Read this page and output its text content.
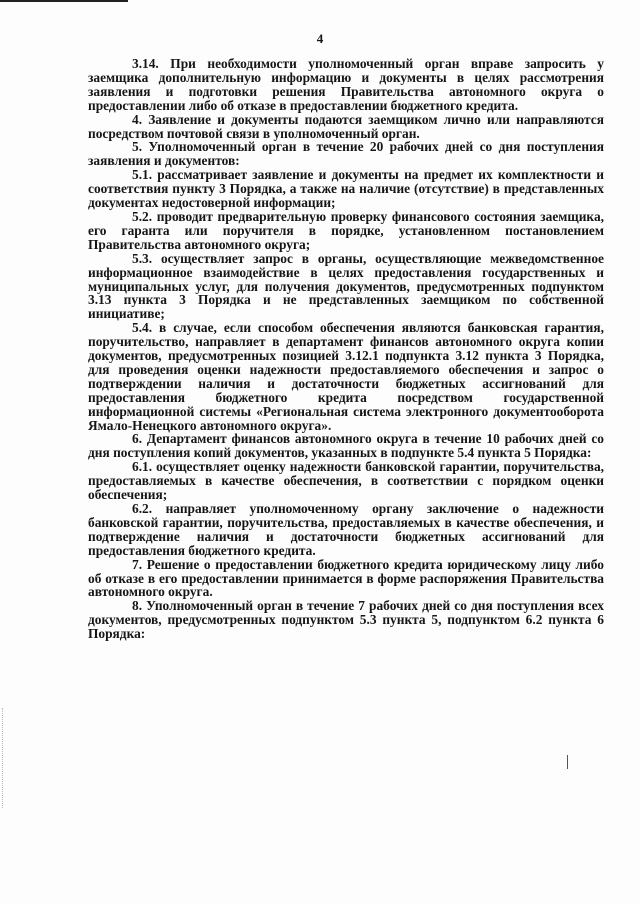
4

3.14. При необходимости уполномоченный орган вправе запросить у заемщика дополнительную информацию и документы в целях рассмотрения заявления и подготовки решения Правительства автономного округа о предоставлении либо об отказе в предоставлении бюджетного кредита.

4. Заявление и документы подаются заемщиком лично или направляются посредством почтовой связи в уполномоченный орган.

5. Уполномоченный орган в течение 20 рабочих дней со дня поступления заявления и документов:

5.1. рассматривает заявление и документы на предмет их комплектности и соответствия пункту 3 Порядка, а также на наличие (отсутствие) в представленных документах недостоверной информации;

5.2. проводит предварительную проверку финансового состояния заемщика, его гаранта или поручителя в порядке, установленном постановлением Правительства автономного округа;

5.3. осуществляет запрос в органы, осуществляющие межведомственное информационное взаимодействие в целях предоставления государственных и муниципальных услуг, для получения документов, предусмотренных подпунктом 3.13 пункта 3 Порядка и не представленных заемщиком по собственной инициативе;

5.4. в случае, если способом обеспечения являются банковская гарантия, поручительство, направляет в департамент финансов автономного округа копии документов, предусмотренных позицией 3.12.1 подпункта 3.12 пункта 3 Порядка, для проведения оценки надежности предоставляемого обеспечения и запрос о подтверждении наличия и достаточности бюджетных ассигнований для предоставления бюджетного кредита посредством государственной информационной системы «Региональная система электронного документооборота Ямало-Ненецкого автономного округа».

6. Департамент финансов автономного округа в течение 10 рабочих дней со дня поступления копий документов, указанных в подпункте 5.4 пункта 5 Порядка:

6.1. осуществляет оценку надежности банковской гарантии, поручительства, предоставляемых в качестве обеспечения, в соответствии с порядком оценки обеспечения;

6.2. направляет уполномоченному органу заключение о надежности банковской гарантии, поручительства, предоставляемых в качестве обеспечения, и подтверждение наличия и достаточности бюджетных ассигнований для предоставления бюджетного кредита.

7. Решение о предоставлении бюджетного кредита юридическому лицу либо об отказе в его предоставлении принимается в форме распоряжения Правительства автономного округа.

8. Уполномоченный орган в течение 7 рабочих дней со дня поступления всех документов, предусмотренных подпунктом 5.3 пункта 5, подпунктом 6.2 пункта 6 Порядка:
